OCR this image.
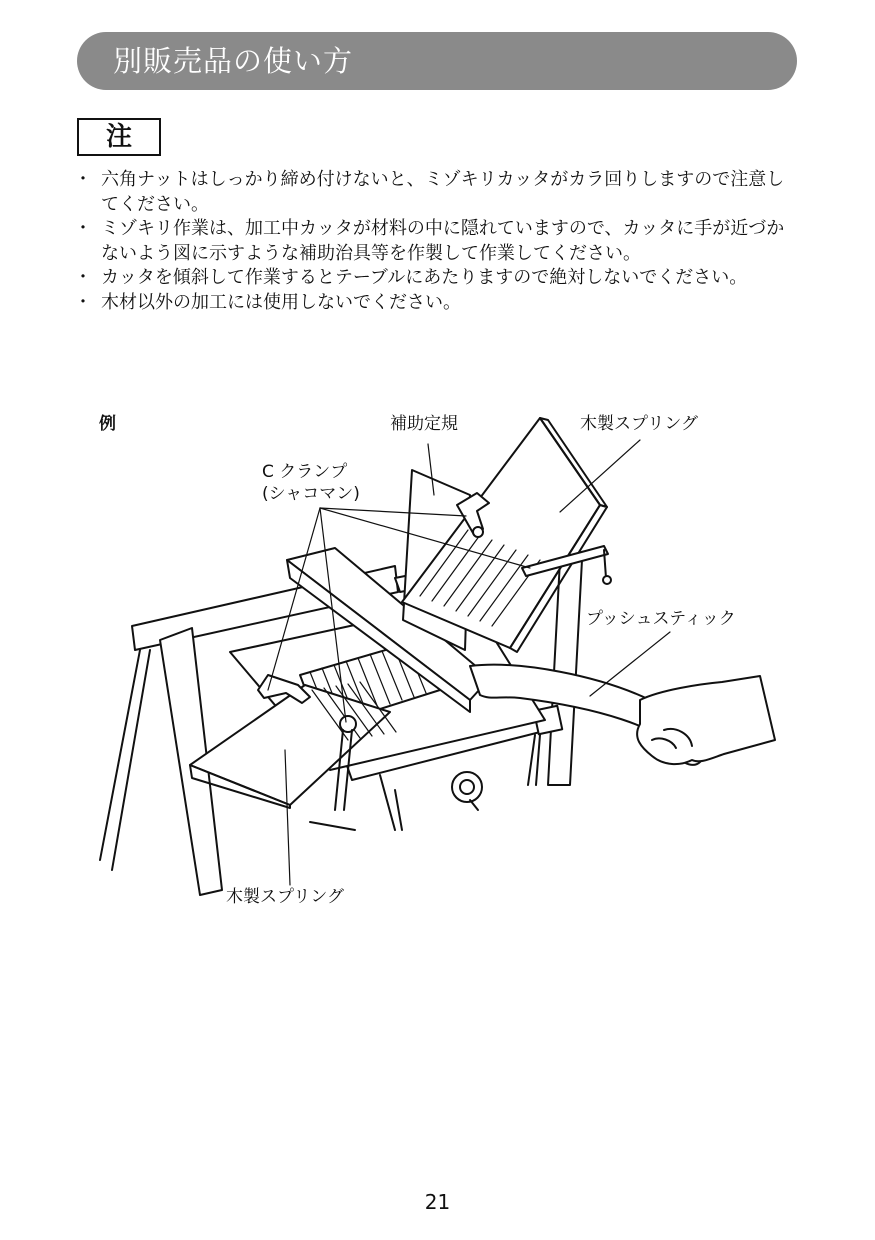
別販売品の使い方
注
・ 六角ナットはしっかり締め付けないと、ミゾキリカッタがカラ回りしますので注意してください。
・ ミゾキリ作業は、加工中カッタが材料の中に隠れていますので、カッタに手が近づかないよう図に示すような補助治具等を作製して作業してください。
・ カッタを傾斜して作業するとテーブルにあたりますので絶対しないでください。
・ 木材以外の加工には使用しないでください。
例	補助定規	木製スプリング
C クランプ
(シャコマン)
プッシュスティック
木製スプリング
21
